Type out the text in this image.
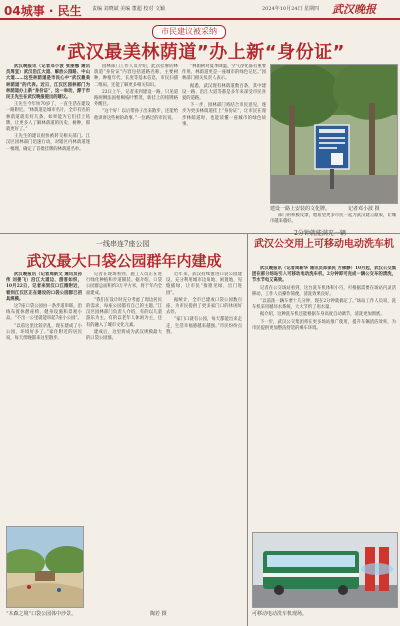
04城事 · 民生 责编 刘晓斌 美编 董超 校对 文颖	2024年10月24日 星期四 武汉晚报
市民建议被采纳
“武汉最美林荫道”办上新“身份证”

武汉晚报讯（记者邓小波 张丽娜 通讯员周宣）武汉沿江大道、解放公园路、中山大道……这些林荫道是市民心中“武汉最美林荫道”的代表。近日，江汉区园林部门为林荫道办上新“身份证”，这一举动，源于市民王先生在武汉晚报提出的建议。

王先生今年快70岁了，一直生活在建设一路附近。“林荫道是城市名片，全市有名的林荫道就有好几条，如果能为它们挂上铭牌，让更多人了解林荫道的历史、树种，那就更好了。”

王先生的建议很快被转交相关部门。江汉区园林部门迅速行动，对辖区内林荫道逐一梳理，确定了首批挂牌的林荫道名单。

园林部门工作人员介绍，此次挂牌的林荫道“身份证”内容包括道路名称、主要树种、种植年代、长度等基本信息，市民扫描二维码，还能了解更多相关知识。

23日上午，记者来到建设一路，只见道路两侧法国梧桐枝叶繁茂，新挂上的铭牌格外醒目。

“这个好！以后带孙子出来散步，还能给他讲讲这些树的故事。”一位路过的市民说。

“林荫树对夏季降温、空气净化都有重要作用，林荫道更是一座城市的绿色记忆。”园林部门相关负责人表示。

据悉，武汉现有林荫道数百条，其中建设一路、沿江大道等都是多年来深受市民喜爱的道路。

下一步，园林部门将结合市民意见，逐步为更多林荫道挂上“身份证”，让市民在漫步林荫道时，也能读懂一座城市的绿色故事。

建设一路上安装的文化牌。	记者邓小波 摄

部门的积极反馈，他希望更多市民一起为武汉建言献策，让城市越来越好。

一线串连7座公园
武汉最大口袋公园群年内建成

武汉晚报讯（记者周新文 通讯员孙伟 刘晏飞）沿江大道边、游客如织，10月22日，记者来到汉口江滩附近，看到江汉区正在建设的口袋公园群已初具规模。

这7座口袋公园由一条步道串联，沿线布置休憩座椅、健身设施和景观小品，“不出一公里就能串起7座小公园”。

“以前这里比较杂乱，现在建成了小公园，环境好多了。”家住附近的居民说，每天傍晚都来这里散步。

记者在现场看到，施工人员正在进行绿化种植和步道铺装。据介绍，口袋公园群总面积约3万平方米，将于年内全面建成。

“我们在设计时充分考虑了周边居民的需求，每座公园都有自己的主题。”江汉区园林部门负责人介绍，有的以儿童游乐为主，有的以老年人休闲为主，还有的融入了城市文化元素。

建成后，这里将成为武汉规模最大的口袋公园群。

近年来，武汉持续推进口袋公园建设，充分利用城市边角地、闲置地，见缝插绿，让市民“推窗见绿、出门进园”。

据统计，全市已建成口袋公园数百座，为市民提供了更多家门口的休闲好去处。

“家门口就有公园，每天都能出来走走，生活幸福感越来越强。”市民纷纷点赞。

“木森之境”口袋公园体中沙景。	陶若 摄
2分钟就能满充一辆
武汉公交用上可移动电动洗车机

武汉晚报讯（记者周新华 通讯员郑保民 方佛静）10月起，武汉公交集团在部分场站引入可移动电动洗车机，2分钟即可完成一辆公交车的清洗，节水节电又高效。

记者在公交场站看到，这台洗车机体积小巧，可根据需要在场站内灵活移动，工作人员操作简便，清洗效果良好。

“以前洗一辆车要十几分钟，现在2分钟就搞定了。”场站工作人员说，洗车机采用循环水系统，大大节约了用水量。

据介绍，这种洗车机还能根据车身高度自动调节，清洗更加彻底。

下一步，武汉公交集团将在更多场站推广使用，提升车辆清洁效率，为市民提供更加整洁舒适的乘车环境。

可移动电动洗车机现场。
